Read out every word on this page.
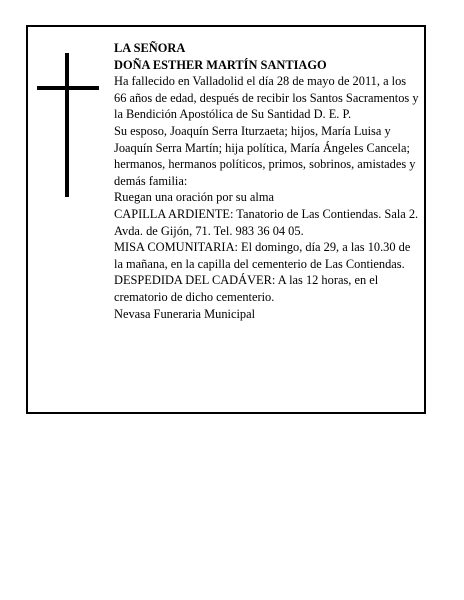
LA SEÑORA

DOÑA ESTHER MARTÍN SANTIAGO

Ha fallecido en Valladolid el día 28 de mayo de 2011, a los 66 años de edad, después de recibir los Santos Sacramentos y la Bendición Apostólica de Su Santidad D. E. P.

Su esposo, Joaquín Serra Iturzaeta; hijos, María Luisa y Joaquín Serra Martín; hija política, María Ángeles Cancela; hermanos, hermanos políticos, primos, sobrinos, amistades y demás familia:

Ruegan una oración por su alma

CAPILLA ARDIENTE: Tanatorio de Las Contiendas. Sala 2. Avda. de Gijón, 71. Tel. 983 36 04 05.

MISA COMUNITARIA: El domingo, día 29, a las 10.30 de la mañana, en la capilla del cementerio de Las Contiendas.

DESPEDIDA DEL CADÁVER: A las 12 horas, en el crematorio de dicho cementerio.

Nevasa Funeraria Municipal
